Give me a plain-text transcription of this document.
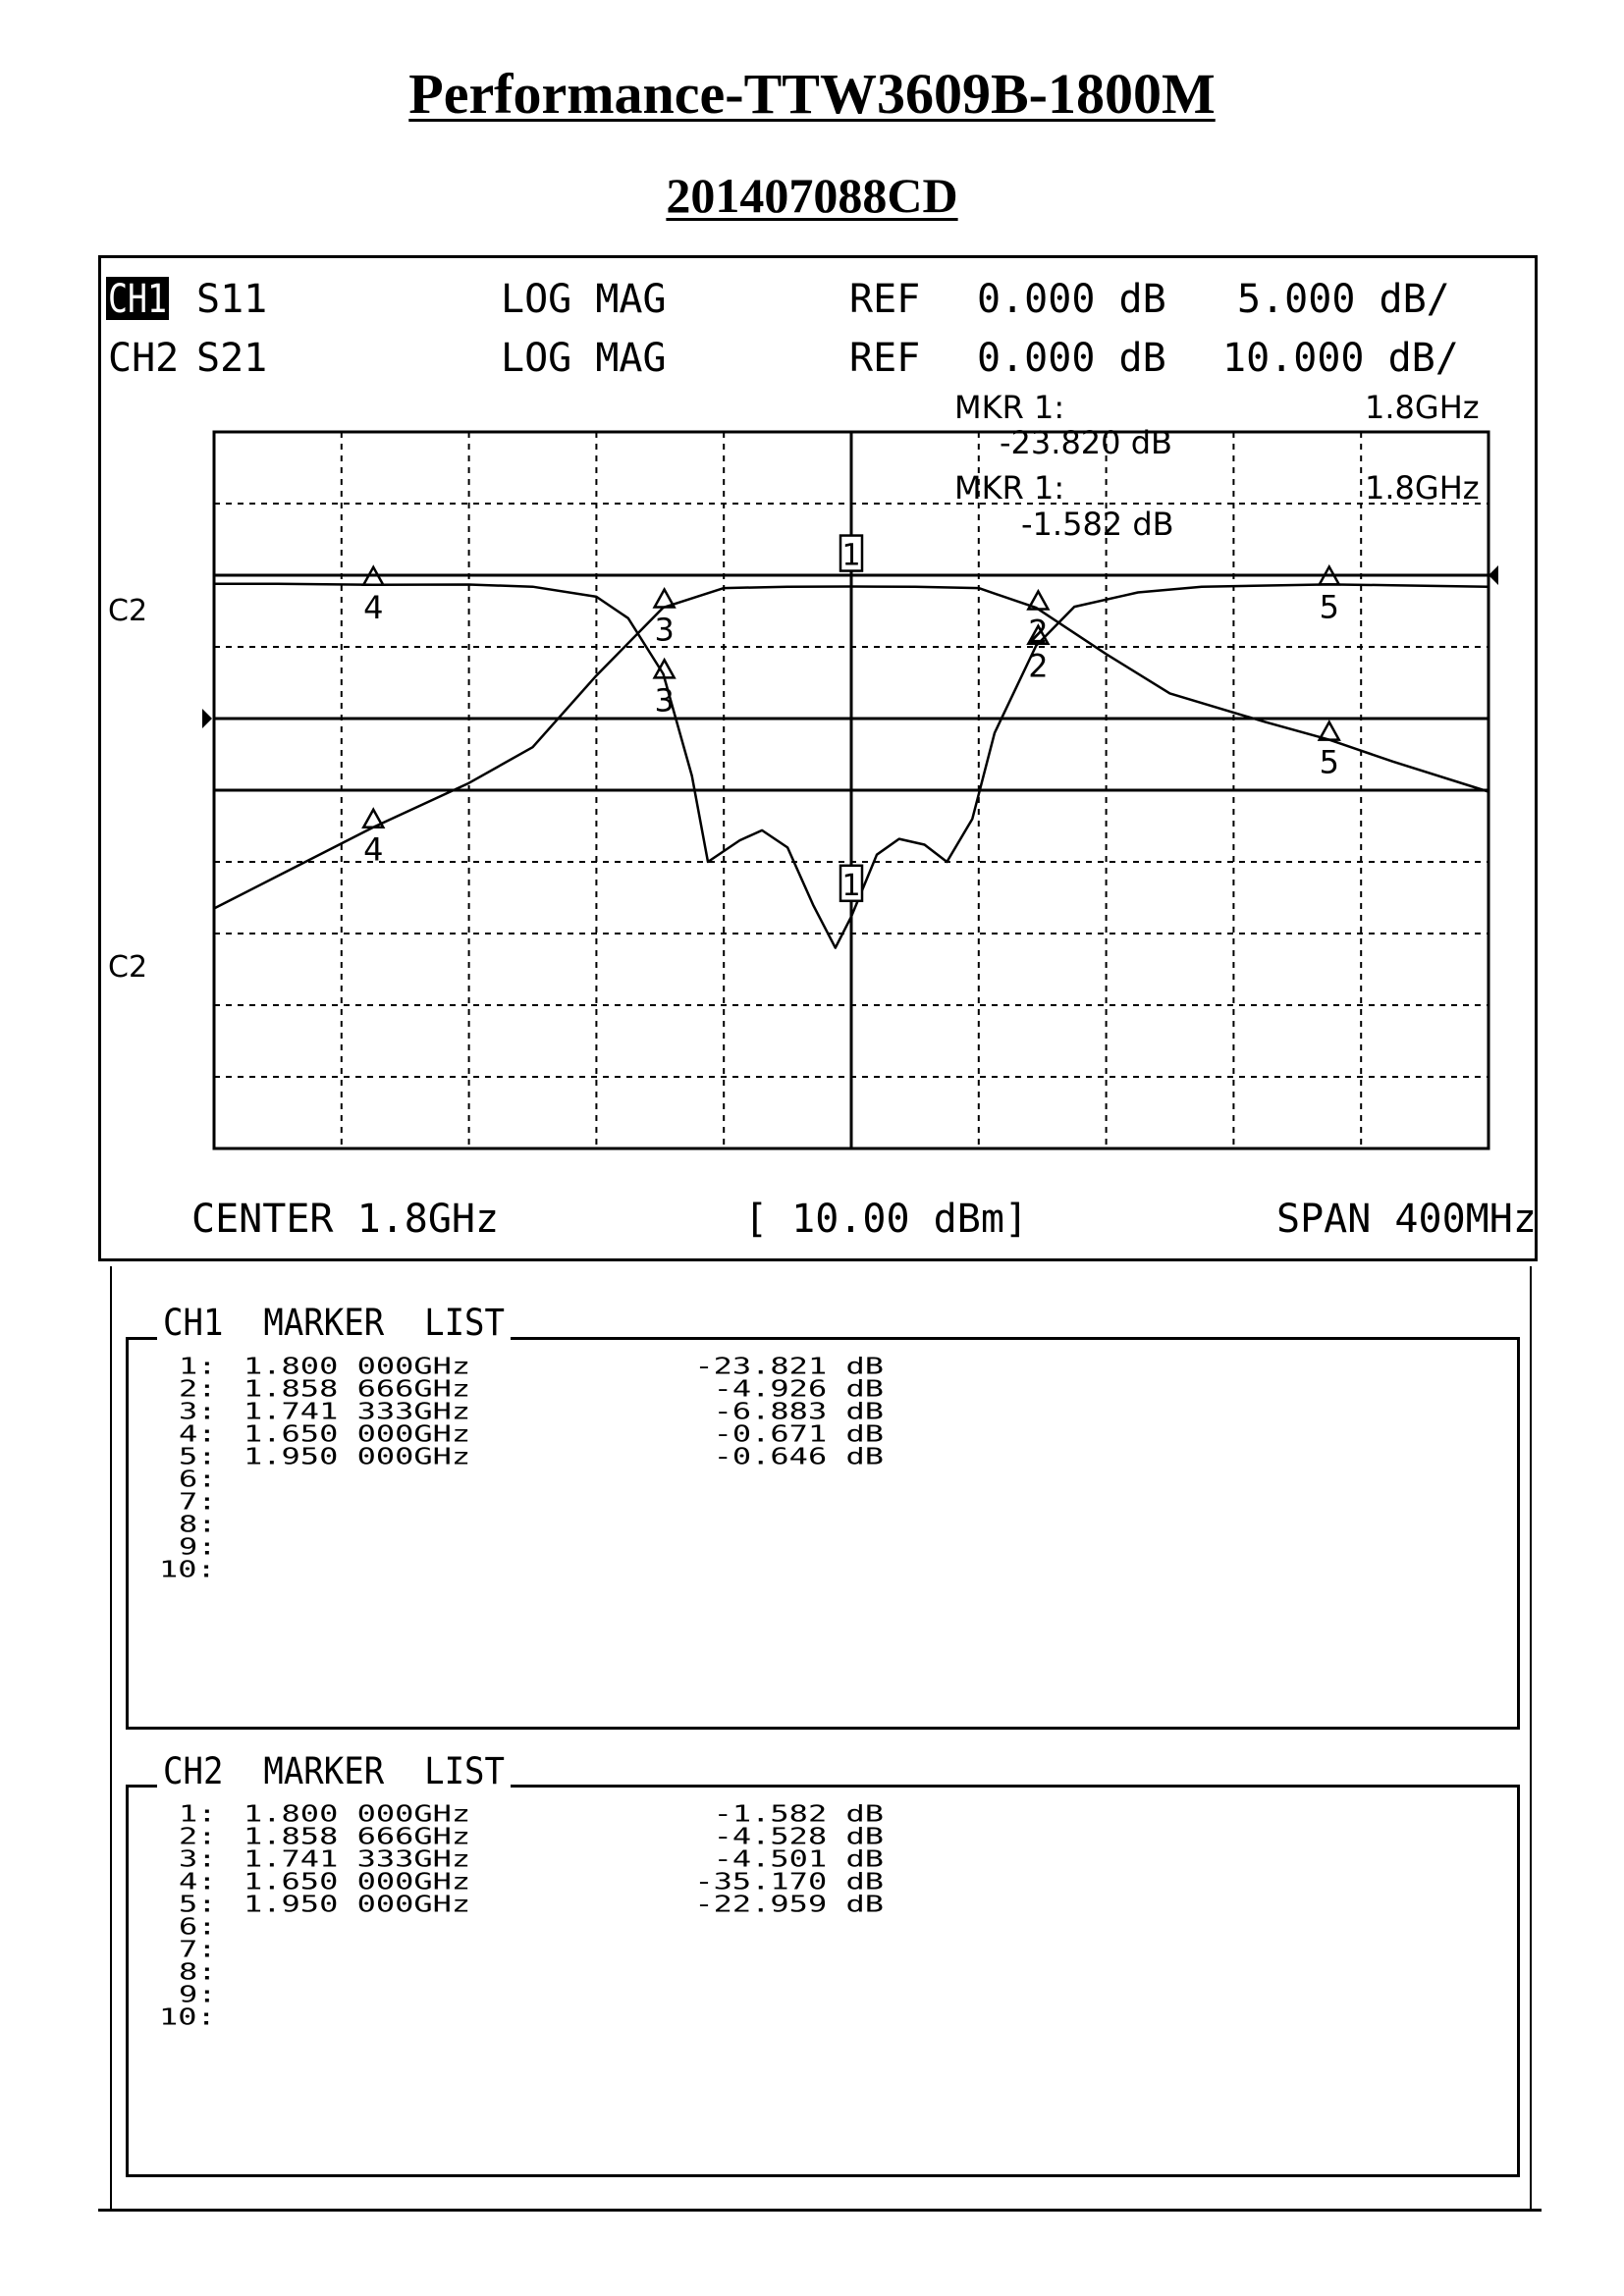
Performance-TTW3609B-1800M
201407088CD
CH1 S11	LOG MAG	REF 0.000 dB 5.000 dB/
CH2 S21	LOG MAG	REF 0.000 dB 10.000 dB/
MKR 1:	1.8GHz
-23.820 dB
MKR 1:	1.8GHz
-1.582 dB
C2
C2
1
2
3
4	5
1
2
3
4
5
CENTER 1.8GHz	[ 10.00 dBm]	SPAN 400MHz
CH1  MARKER  LIST
1: 1.800 000GHz	-23.821 dB
2: 1.858 666GHz	-4.926 dB
3: 1.741 333GHz	-6.883 dB
4: 1.650 000GHz	-0.671 dB
5: 1.950 000GHz	-0.646 dB
6:
7:
8:
9:
10:
CH2  MARKER  LIST
1: 1.800 000GHz	-1.582 dB
2: 1.858 666GHz	-4.528 dB
3: 1.741 333GHz	-4.501 dB
4: 1.650 000GHz	-35.170 dB
5: 1.950 000GHz	-22.959 dB
6:
7:
8:
9:
10:
